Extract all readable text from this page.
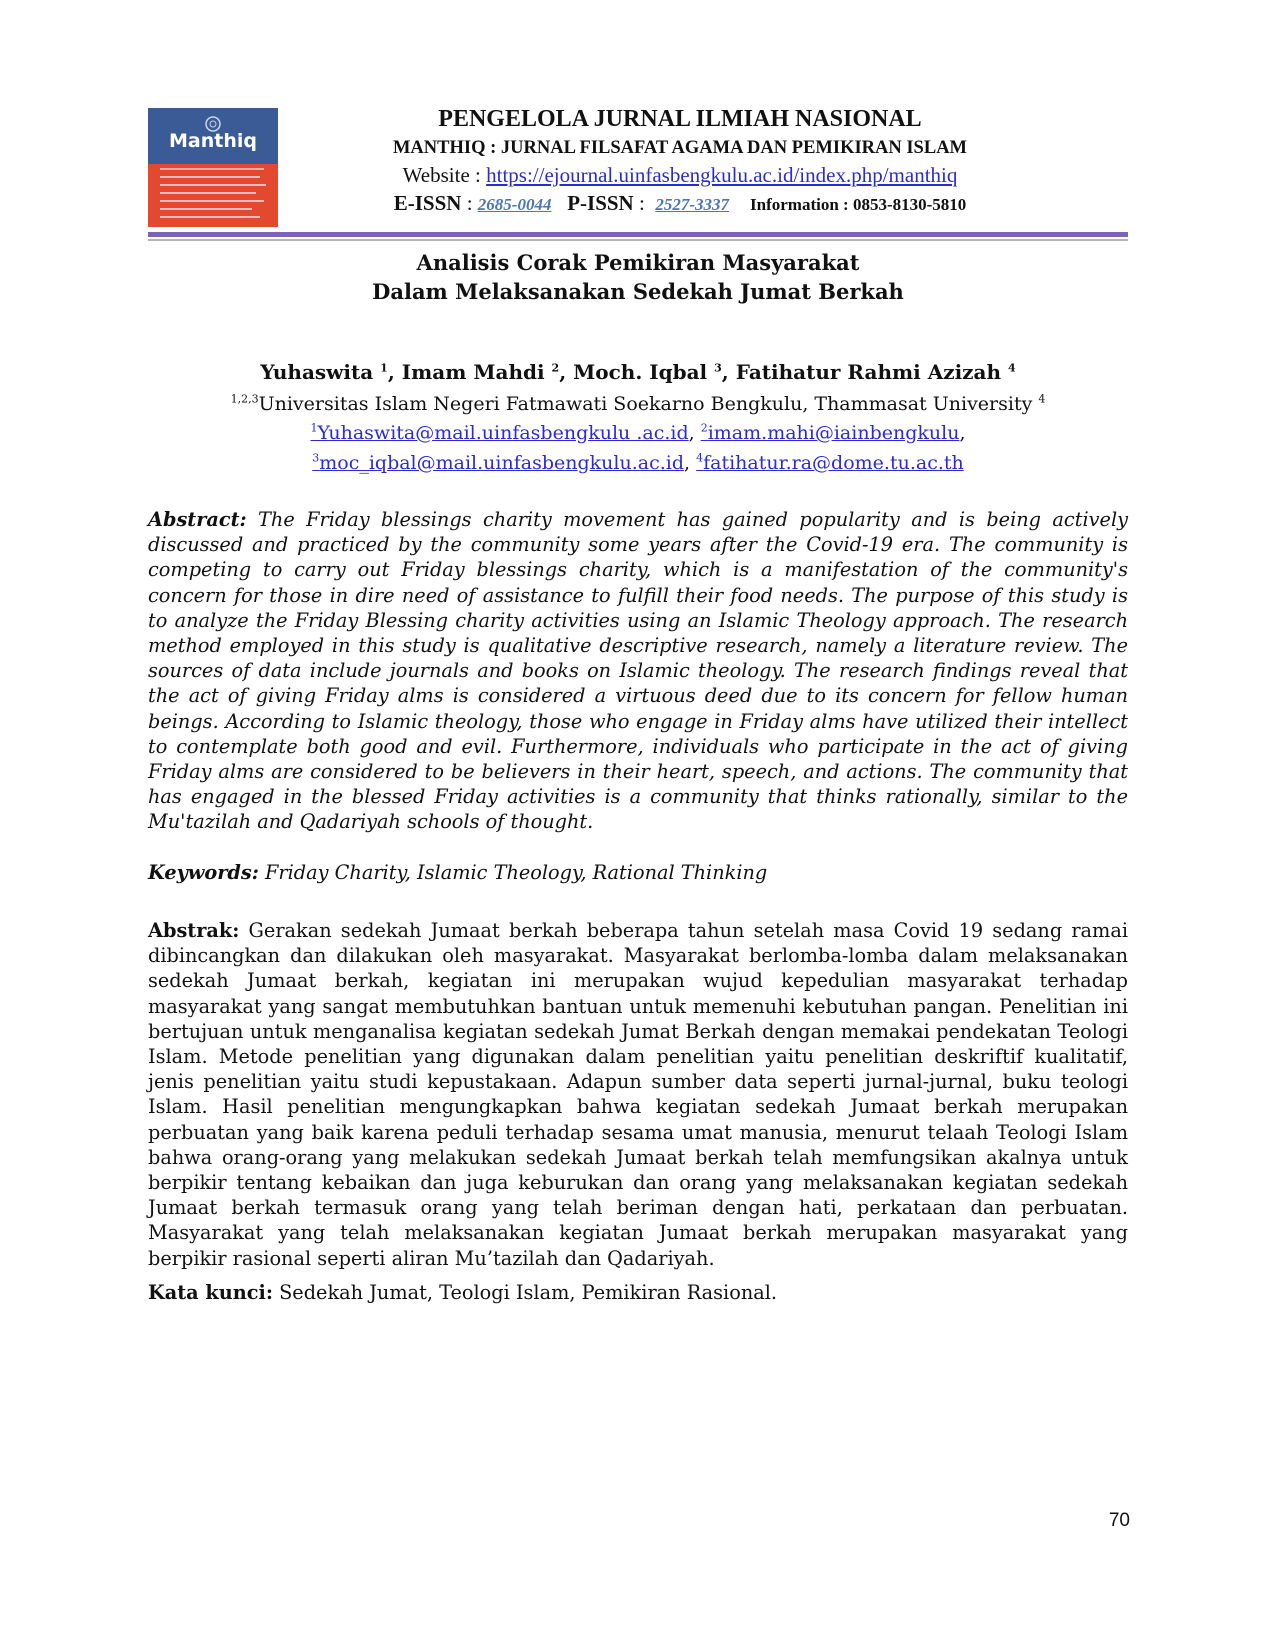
Manthiq
PENGELOLA JURNAL ILMIAH NASIONAL
MANTHIQ : JURNAL FILSAFAT AGAMA DAN PEMIKIRAN ISLAM
Website : https://ejournal.uinfasbengkulu.ac.id/index.php/manthiq
E-ISSN : 2685-0044 P-ISSN :  2527-3337 Information : 0853-8130-5810
Analisis Corak Pemikiran Masyarakat
Dalam Melaksanakan Sedekah Jumat Berkah
Yuhaswita $^1$, Imam Mahdi $^2$, Moch. Iqbal $^3$, Fatihatur Rahmi Azizah $^4$
$^{1,2,3}$Universitas Islam Negeri Fatmawati Soekarno Bengkulu, Thammasat University $^4$
$^1$Yuhaswita@mail.uinfasbengkulu .ac.id, $^2$imam.mahi@iainbengkulu,
$^3$moc_iqbal@mail.uinfasbengkulu.ac.id, $^4$fatihatur.ra@dome.tu.ac.th
Abstract: The Friday blessings charity movement has gained popularity and is being actively discussed and practiced by the community some years after the Covid-19 era. The community is competing to carry out Friday blessings charity, which is a manifestation of the community's concern for those in dire need of assistance to fulfill their food needs. The purpose of this study is to analyze the Friday Blessing charity activities using an Islamic Theology approach. The research method employed in this study is qualitative descriptive research, namely a literature review. The sources of data include journals and books on Islamic theology. The research findings reveal that the act of giving Friday alms is considered a virtuous deed due to its concern for fellow human beings. According to Islamic theology, those who engage in Friday alms have utilized their intellect to contemplate both good and evil. Furthermore, individuals who participate in the act of giving Friday alms are considered to be believers in their heart, speech, and actions. The community that has engaged in the blessed Friday activities is a community that thinks rationally, similar to the Mu'tazilah and Qadariyah schools of thought.
Keywords: Friday Charity, Islamic Theology, Rational Thinking
Abstrak: Gerakan sedekah Jumaat berkah beberapa tahun setelah masa Covid 19 sedang ramai dibincangkan dan dilakukan oleh masyarakat. Masyarakat berlomba-lomba dalam melaksanakan sedekah Jumaat berkah, kegiatan ini merupakan wujud kepedulian masyarakat terhadap masyarakat yang sangat membutuhkan bantuan untuk memenuhi kebutuhan pangan. Penelitian ini bertujuan untuk menganalisa kegiatan sedekah Jumat Berkah dengan memakai pendekatan Teologi Islam. Metode penelitian yang digunakan dalam penelitian yaitu penelitian deskriftif kualitatif, jenis penelitian yaitu studi kepustakaan. Adapun sumber data seperti jurnal-jurnal, buku teologi Islam. Hasil penelitian mengungkapkan bahwa kegiatan sedekah Jumaat berkah merupakan perbuatan yang baik karena peduli terhadap sesama umat manusia, menurut telaah Teologi Islam bahwa orang-orang yang melakukan sedekah Jumaat berkah telah memfungsikan akalnya untuk berpikir tentang kebaikan dan juga keburukan dan orang yang melaksanakan kegiatan sedekah Jumaat berkah termasuk orang yang telah beriman dengan hati, perkataan dan perbuatan. Masyarakat yang telah melaksanakan kegiatan Jumaat berkah merupakan masyarakat yang berpikir rasional seperti aliran Mu’tazilah dan Qadariyah.
Kata kunci: Sedekah Jumat, Teologi Islam, Pemikiran Rasional.
70
